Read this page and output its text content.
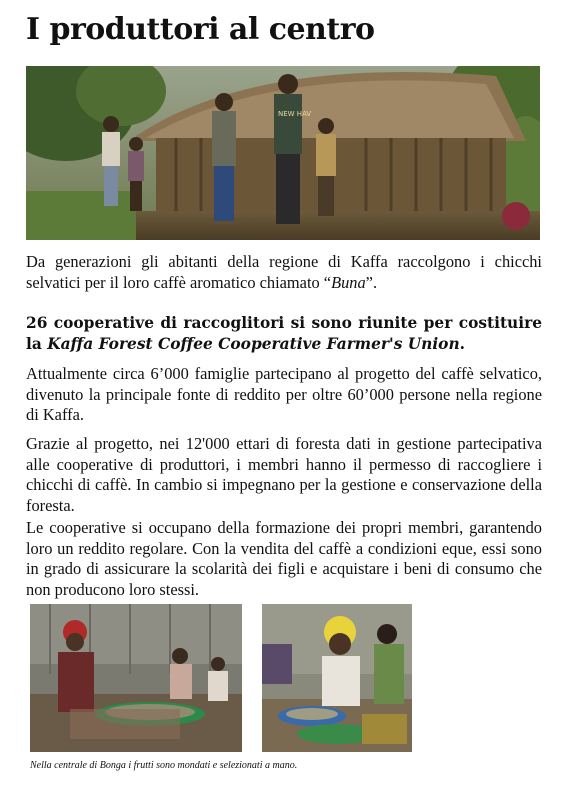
I produttori al centro
NEW HAV

Da generazioni gli abitanti della regione di Kaffa raccolgono i chicchi selvatici per il loro caffè aromatico chiamato “Buna”.

26 cooperative di raccoglitori si sono riunite per costituire la Kaffa Forest Coffee Cooperative Farmer's Union.

Attualmente circa 6’000 famiglie partecipano al progetto del caffè selvatico, divenuto la principale fonte di reddito per oltre 60’000 persone nella regione di Kaffa.

Grazie al progetto, nei 12'000 ettari di foresta dati in gestione partecipativa alle cooperative di produttori, i membri hanno il permesso di raccogliere i chicchi di caffè. In cambio si impegnano per la gestione e conservazione della foresta.

Le cooperative si occupano della formazione dei propri membri, garantendo loro un reddito regolare. Con la vendita del caffè a condizioni eque, essi sono in grado di assicurare la scolarità dei figli e acquistare i beni di consumo che non producono loro stessi.

Nella centrale di Bonga i frutti sono mondati e selezionati a mano.
